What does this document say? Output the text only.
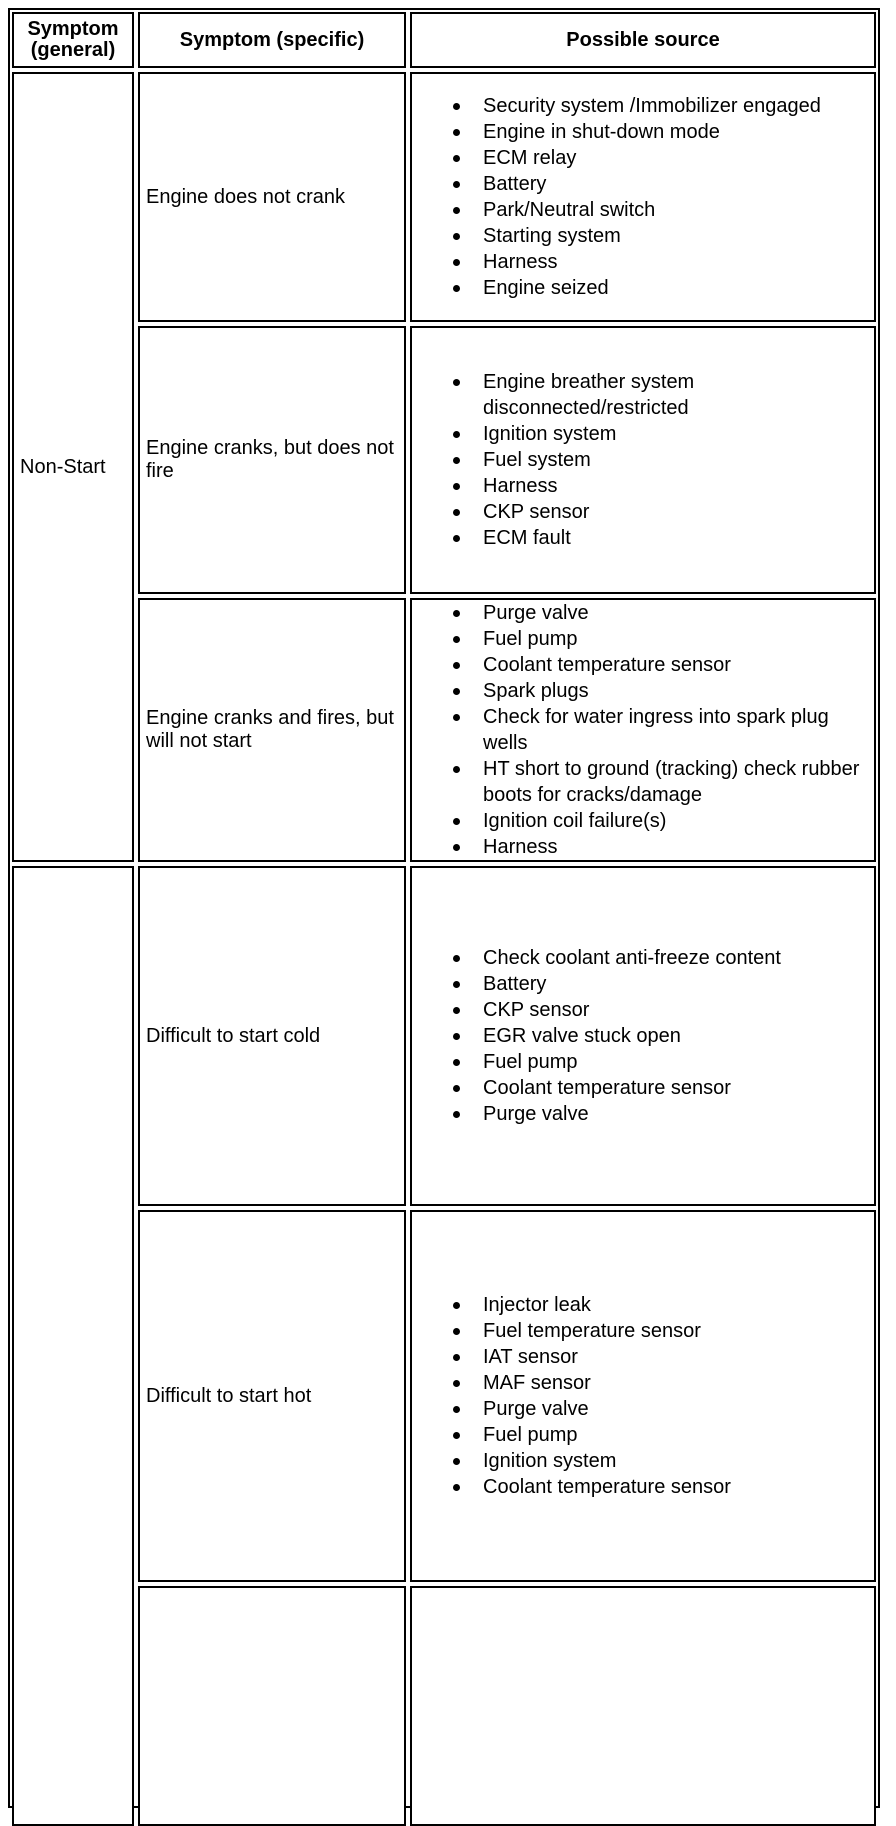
Symptom (general)	Symptom (specific)	Possible source
Non-Start
Engine does not crank
Security system /Immobilizer engaged
Engine in shut-down mode
ECM relay
Battery
Park/Neutral switch
Starting system
Harness
Engine seized
Engine cranks, but does not fire
Engine breather system disconnected/restricted
Ignition system
Fuel system
Harness
CKP sensor
ECM fault
Engine cranks and fires, but will not start
Purge valve
Fuel pump
Coolant temperature sensor
Spark plugs
Check for water ingress into spark plug wells
HT short to ground (tracking) check rubber boots for cracks/damage
Ignition coil failure(s)
Harness
Difficult to start cold
Check coolant anti-freeze content
Battery
CKP sensor
EGR valve stuck open
Fuel pump
Coolant temperature sensor
Purge valve
Difficult to start hot
Injector leak
Fuel temperature sensor
IAT sensor
MAF sensor
Purge valve
Fuel pump
Ignition system
Coolant temperature sensor
